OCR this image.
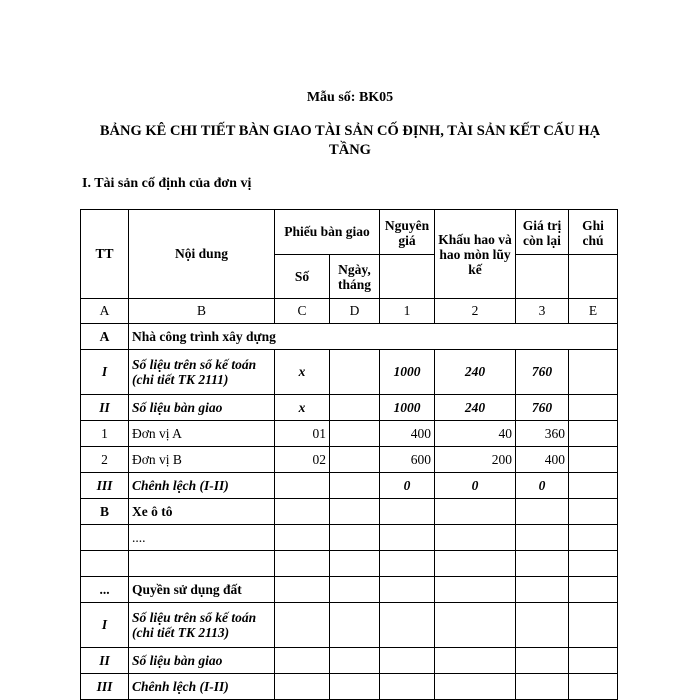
Mẫu số: BK05
BẢNG KÊ CHI TIẾT BÀN GIAO TÀI SẢN CỐ ĐỊNH, TÀI SẢN KẾT CẤU HẠ TẦNG
I. Tài sản cố định của đơn vị
TT	Nội dung	Phiếu bàn giao		Nguyên giá	Khấu hao và hao mòn lũy kế	Giá trị còn lại	Ghi chú
		Số	Ngày, tháng				
A	B	C	D	1	2	3	E
A	Nhà công trình xây dựng						
I	Số liệu trên sổ kế toán (chi tiết TK 2111)	x		1000	240	760	
II	Số liệu bàn giao	x		1000	240	760	
1	Đơn vị A	01		400	40	360	
2	Đơn vị B	02		600	200	400	
III	Chênh lệch (I-II)			0	0	0	
B	Xe ô tô						
	....						

...	Quyền sử dụng đất						
I	Số liệu trên sổ kế toán (chi tiết TK 2113)						
II	Số liệu bàn giao						
III	Chênh lệch (I-II)						
